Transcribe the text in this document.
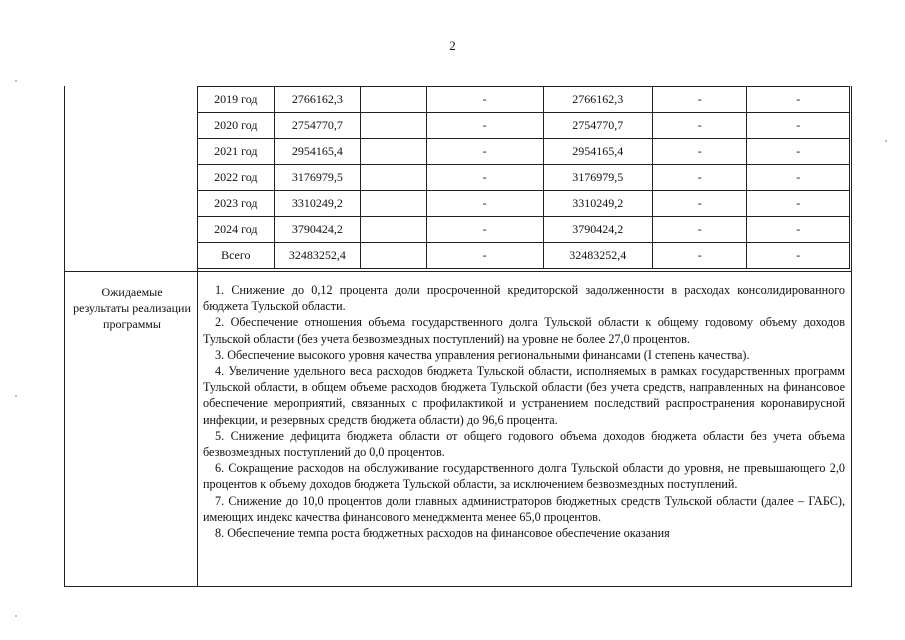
2
2019 год	2766162,3		-	2766162,3	-	-
2020 год	2754770,7		-	2754770,7	-	-
2021 год	2954165,4		-	2954165,4	-	-
2022 год	3176979,5		-	3176979,5	-	-
2023 год	3310249,2		-	3310249,2	-	-
2024 год	3790424,2		-	3790424,2	-	-
Всего	32483252,4		-	32483252,4	-	-
Ожидаемые результаты реализации программы

1. Снижение до 0,12 процента доли просроченной кредиторской задолженности в расходах консолидированного бюджета Тульской области.

2. Обеспечение отношения объема государственного долга Тульской области к общему годовому объему доходов Тульской области (без учета безвозмездных поступлений) на уровне не более 27,0 процентов.

3. Обеспечение высокого уровня качества управления региональными финансами (I степень качества).

4. Увеличение удельного веса расходов бюджета Тульской области, исполняемых в рамках государственных программ Тульской области, в общем объеме расходов бюджета Тульской области (без учета средств, направленных на финансовое обеспечение мероприятий, связанных с профилактикой и устранением последствий распространения коронавирусной инфекции, и резервных средств бюджета области) до 96,6 процента.

5. Снижение дефицита бюджета области от общего годового объема доходов бюджета области без учета объема безвозмездных поступлений до 0,0 процентов.

6. Сокращение расходов на обслуживание государственного долга Тульской области до уровня, не превышающего 2,0 процентов к объему доходов бюджета Тульской области, за исключением безвозмездных поступлений.

7. Снижение до 10,0 процентов доли главных администраторов бюджетных средств Тульской области (далее – ГАБС), имеющих индекс качества финансового менеджмента менее 65,0 процентов.

8. Обеспечение темпа роста бюджетных расходов на финансовое обеспечение оказания
